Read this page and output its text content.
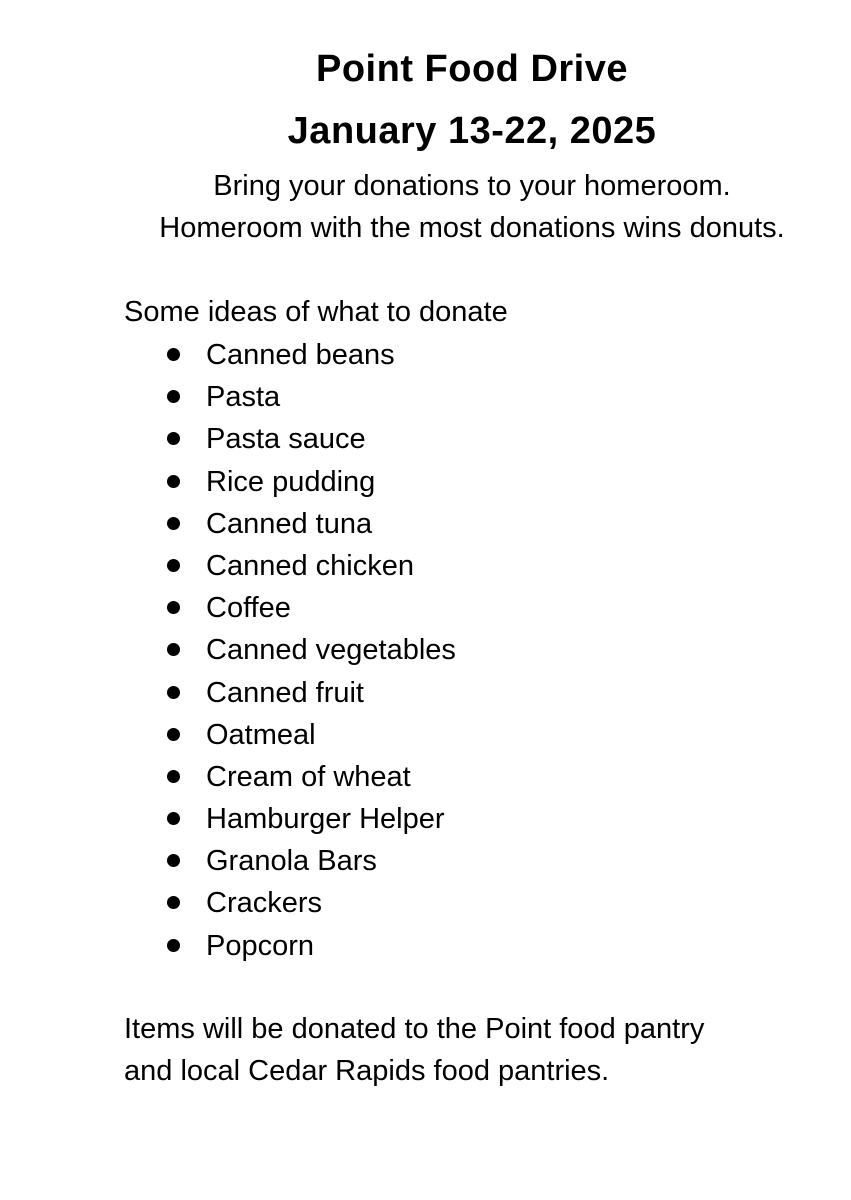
Point Food Drive
January 13-22, 2025

Bring your donations to your homeroom.

Homeroom with the most donations wins donuts.

Some ideas of what to donate

Canned beans
Pasta
Pasta sauce
Rice pudding
Canned tuna
Canned chicken
Coffee
Canned vegetables
Canned fruit
Oatmeal
Cream of wheat
Hamburger Helper
Granola Bars
Crackers
Popcorn

Items will be donated to the Point food pantry

and local Cedar Rapids food pantries.
